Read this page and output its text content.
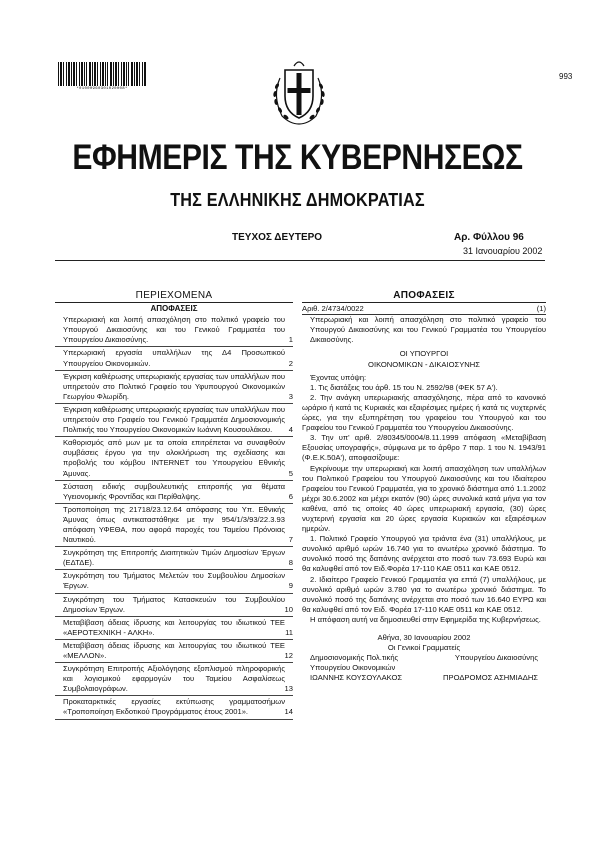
*01000960301020008*
993
ΕΦΗΜΕΡΙΣ ΤΗΣ ΚΥΒΕΡΝΗΣΕΩΣ
ΤΗΣ ΕΛΛΗΝΙΚΗΣ ΔΗΜΟΚΡΑΤΙΑΣ
ΤΕΥΧΟΣ ΔΕΥΤΕΡΟ	Αρ. Φύλλου 96
31 Ιανουαρίου 2002
ΠΕΡΙΕΧΟΜΕΝΑ
ΑΠΟΦΑΣΕΙΣ
Υπερωριακή και λοιπή απασχόληση στο πολιτικό γραφείο του Υπουργού Δικαιοσύνης και του Γενικού Γραμματέα του Υπουργείου Δικαιοσύνης.	1
Υπερωριακή εργασία υπαλλήλων της Δ4 Προσωπικού Υπουργείου Οικονομικών.	2
Έγκριση καθιέρωσης υπερωριακής εργασίας των υπαλλήλων που υπηρετούν στο Πολιτικό Γραφείο του Υφυπουργού Οικονομικών Γεωργίου Φλωρίδη.	3
Έγκριση καθιέρωσης υπερωριακής εργασίας των υπαλλήλων που υπηρετούν στο Γραφείο του Γενικού Γραμματέα Δημοσιονομικής Πολιτικής του Υπουργείου Οικονομικών Ιωάννη Κουσουλάκου.	4
Καθορισμός από μων με τα οποία επιτρέπεται να συναφθούν συμβάσεις έργου για την ολοκλήρωση της σχεδίασης και προβολής του κόμβου INTERNET του Υπουργείου Εθνικής Άμυνας.	5
Σύσταση ειδικής συμβουλευτικής επιτροπής για θέματα Υγειονομικής Φροντίδας και Περίθαλψης.	6
Τροποποίηση της 21718/23.12.64 απόφασης του Υπ. Εθνικής Άμυνας όπως αντικαταστάθηκε με την 954/1/3/93/22.3.93 απόφαση ΥΦΕΘΑ, που αφορά παροχές του Ταμείου Πρόνοιας Ναυτικού.	7
Συγκρότηση της Επιτροπής Διαιτητικών Τιμών Δημοσίων Έργων (ΕΔΤΔΕ).	8
Συγκρότηση του Τμήματος Μελετών του Συμβουλίου Δημοσίων Έργων.	9
Συγκρότηση του Τμήματος Κατασκευών του Συμβουλίου Δημοσίων Έργων.	10
Μεταβίβαση άδειας ίδρυσης και λειτουργίας του ιδιωτικού ΤΕΕ «ΑΕΡΟΤΕΧΝΙΚΗ - ΑΛΚΗ».	11
Μεταβίβαση άδειας ίδρυσης και λειτουργίας του ιδιωτικού ΤΕΕ «ΜΕΛΛΟΝ».	12
Συγκρότηση Επιτροπής Αξιολόγησης εξοπλισμού πληροφορικής και λογισμικού εφαρμογών του Ταμείου Ασφαλίσεως Συμβολαιογράφων.	13
Προκαταρκτικές εργασίες εκτύπωσης γραμματοσήμων «Τροποποίηση Εκδοτικού Προγράμματος έτους 2001».	14
ΑΠΟΦΑΣΕΙΣ
Αριθ. 2/4734/0022	(1)
Υπερωριακή και λοιπή απασχόληση στο πολιτικό γραφείο του Υπουργού Δικαιοσύνης και του Γενικού Γραμματέα του Υπουργείου Δικαιοσύνης.
ΟΙ ΥΠΟΥΡΓΟΙ
ΟΙΚΟΝΟΜΙΚΩΝ - ΔΙΚΑΙΟΣΥΝΗΣ
Έχοντας υπόψη:
1. Τις διατάξεις του άρθ. 15 του Ν. 2592/98 (ΦΕΚ 57 Α').
2. Την ανάγκη υπερωριακής απασχόλησης, πέρα από το κανονικό ωράριο ή κατά τις Κυριακές και εξαιρέσιμες ημέρες ή κατά τις νυχτερινές ώρες, για την εξυπηρέτηση του γραφείου του Υπουργού και του Γραφείου του Γενικού Γραμματέα του Υπουργείου Δικαιοσύνης.
3. Την υπ' αριθ. 2/80345/0004/8.11.1999 απόφαση «Μεταβίβαση Εξουσίας υπογραφής», σύμφωνα με το άρθρο 7 παρ. 1 του Ν. 1943/91 (Φ.Ε.Κ.50Α'), αποφασίζουμε:
Εγκρίνουμε την υπερωριακή και λοιπή απασχόληση των υπαλλήλων του Πολιτικού Γραφείου του Υπουργού Δικαιοσύνης και του Ιδιαίτερου Γραφείου του Γενικού Γραμματέα, για το χρονικό διάστημα από 1.1.2002 μέχρι 30.6.2002 και μέχρι εκατόν (90) ώρες συνολικά κατά μήνα για τον καθένα, από τις οποίες 40 ώρες υπερωριακή εργασία, (30) ώρες νυχτερινή εργασία και 20 ώρες εργασία Κυριακών και εξαιρέσιμων ημερών.
1. Πολιτικό Γραφείο Υπουργού για τριάντα ένα (31) υπαλλήλους, με συνολικό αριθμό ωρών 16.740 για το ανωτέρω χρονικό διάστημα. Το συνολικό ποσό της δαπάνης ανέρχεται στο ποσό των 73.693 Ευρώ και θα καλυφθεί από τον Ειδ.Φορέα 17-110 ΚΑΕ 0511 και ΚΑΕ 0512.
2. Ιδιαίτερο Γραφείο Γενικού Γραμματέα για επτά (7) υπαλλήλους, με συνολικό αριθμό ωρών 3.780 για το ανωτέρω χρονικό διάστημα. Το συνολικό ποσό της δαπάνης ανέρχεται στο ποσό των 16.640 ΕΥΡΩ και θα καλυφθεί από τον Ειδ. Φορέα 17-110 ΚΑΕ 0511 και ΚΑΕ 0512.
Η απόφαση αυτή να δημοσιευθεί στην Εφημερίδα της Κυβερνήσεως.
Αθήνα, 30 Ιανουαρίου 2002
Οι Γενικοί Γραμματείς
Δημοσιονομικής Πολ.τικής	Υπουργείου Δικαιοσύνης
Υπουργείου Οικονομικών
ΙΩΑΝΝΗΣ ΚΟΥΣΟΥΛΑΚΟΣ	ΠΡΟΔΡΟΜΟΣ ΑΣΗΜΙΑΔΗΣ
